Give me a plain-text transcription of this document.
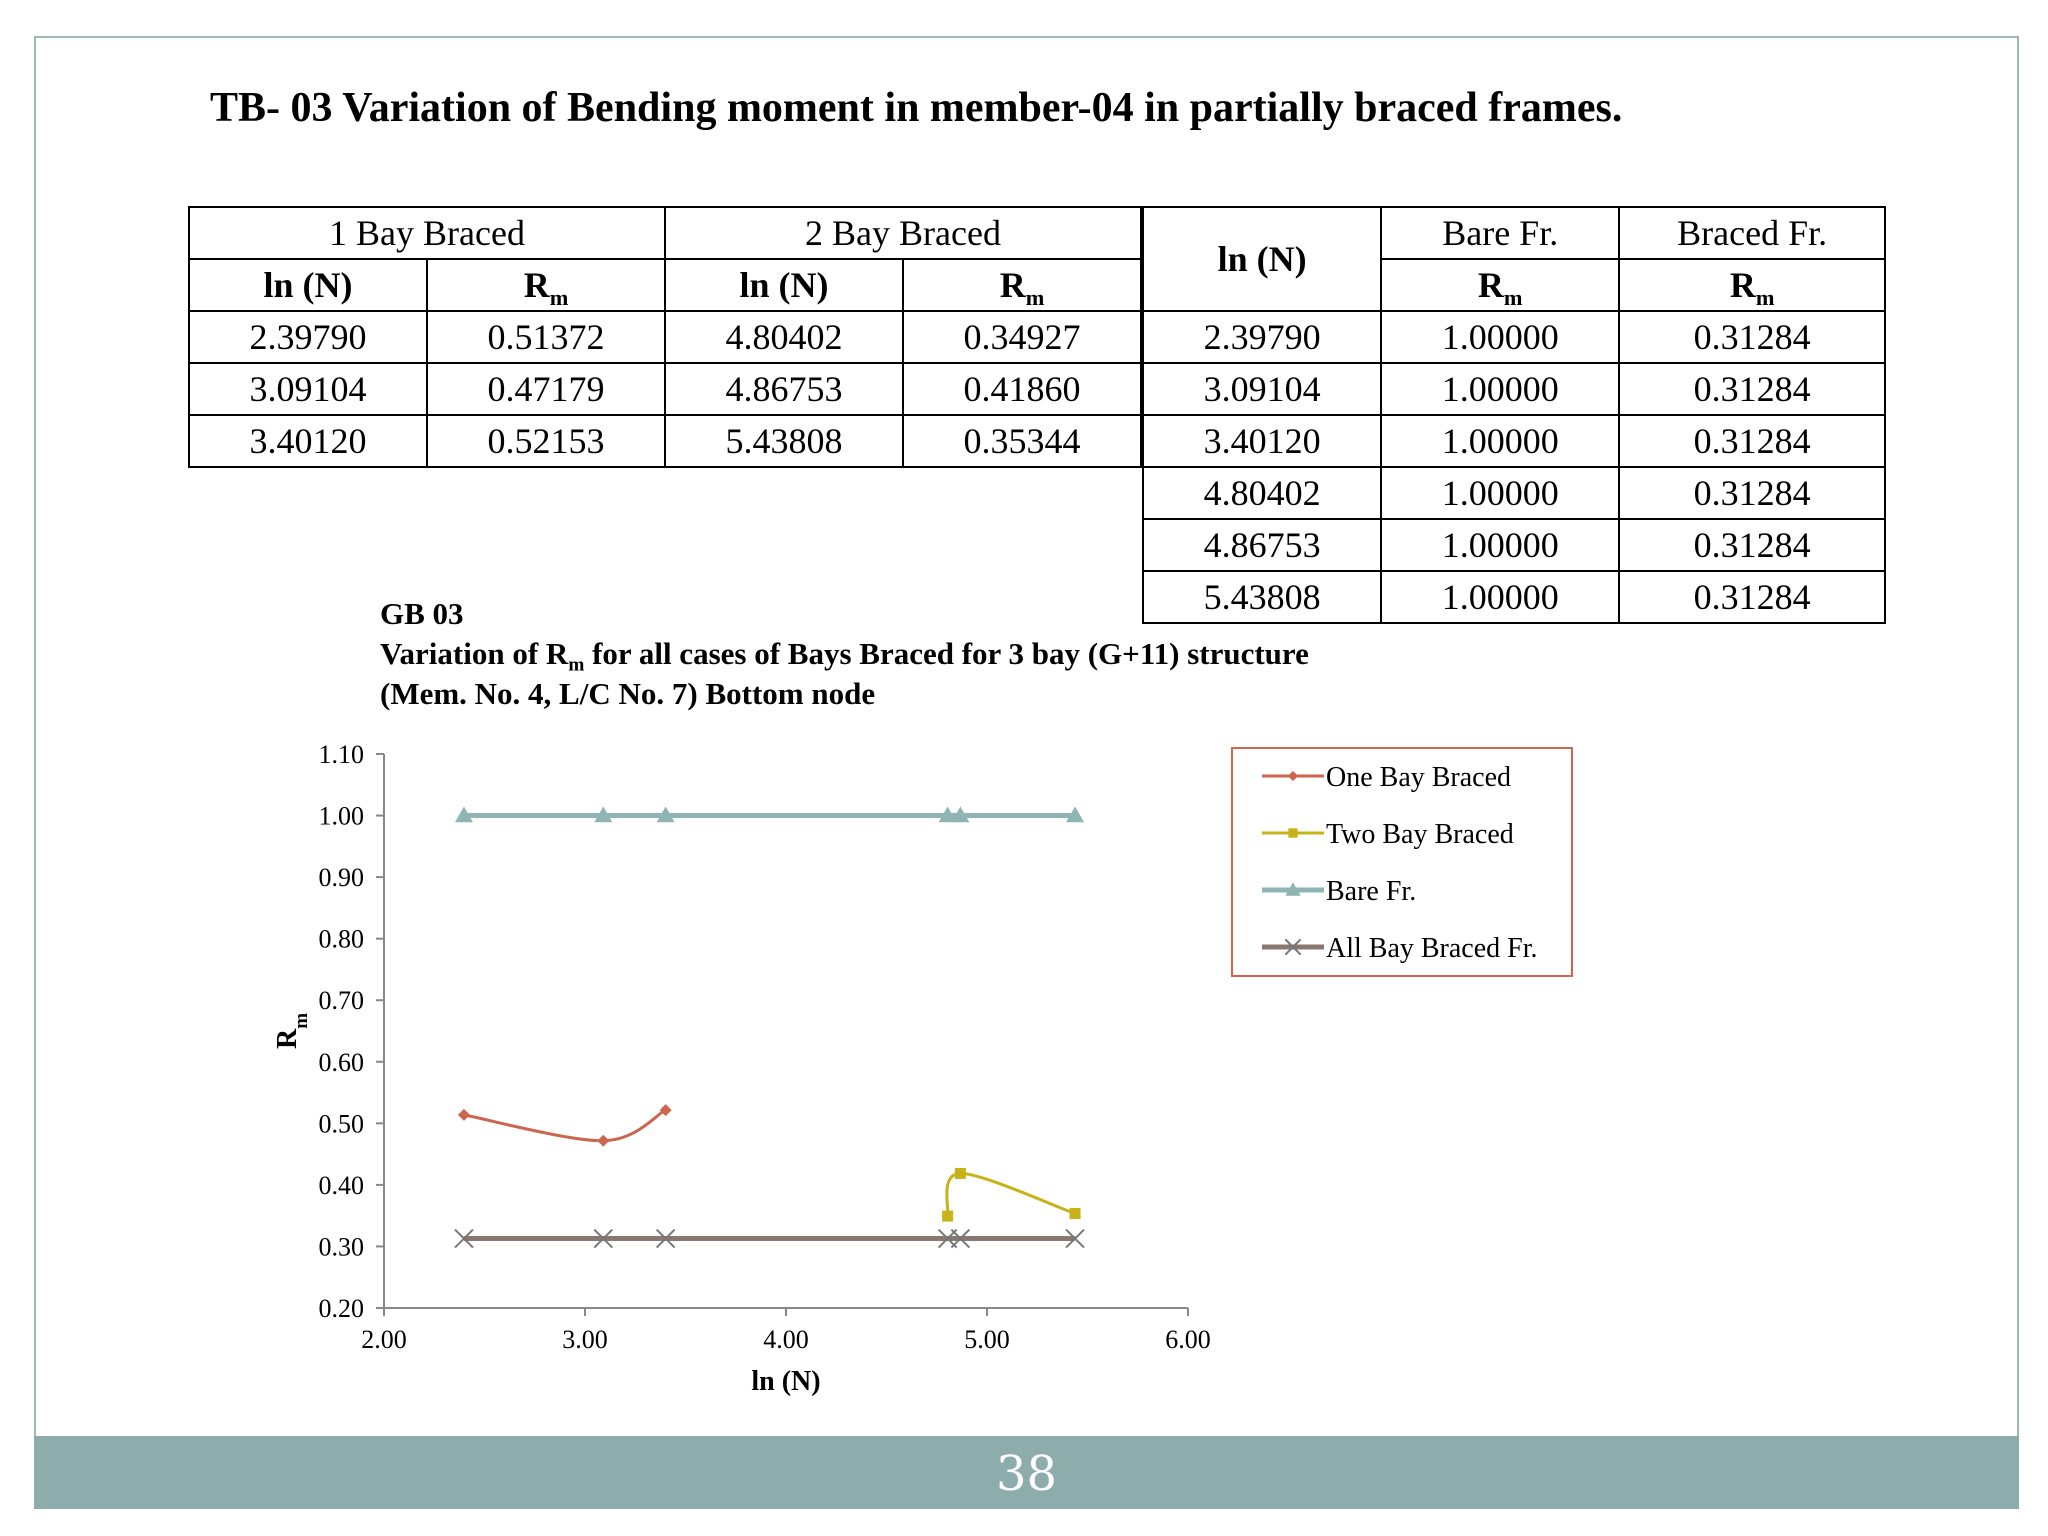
TB- 03 Variation of Bending moment in member-04 in partially braced frames.
1 Bay Braced		2 Bay Braced	
ln (N)	$R_m$	ln (N)	$R_m$
2.39790	0.51372	4.80402	0.34927
3.09104	0.47179	4.86753	0.41860
3.40120	0.52153	5.43808	0.35344
ln (N)	Bare Fr.	Braced Fr.
	$R_m$	$R_m$
2.39790	1.00000	0.31284
3.09104	1.00000	0.31284
3.40120	1.00000	0.31284
4.80402	1.00000	0.31284
4.86753	1.00000	0.31284
5.43808	1.00000	0.31284
GB 03
Variation of $R_m$ for all cases of Bays Braced for 3 bay (G+11) structure
(Mem. No. 4, L/C No. 7) Bottom node
0.20
0.30
0.40
0.50
0.60
0.70
0.80
0.90
1.00
1.10
2.00	3.00	4.00	5.00	6.00
One Bay Braced
Two Bay Braced
Bare Fr.
All Bay Braced Fr.
ln (N)
$R_m$
38
